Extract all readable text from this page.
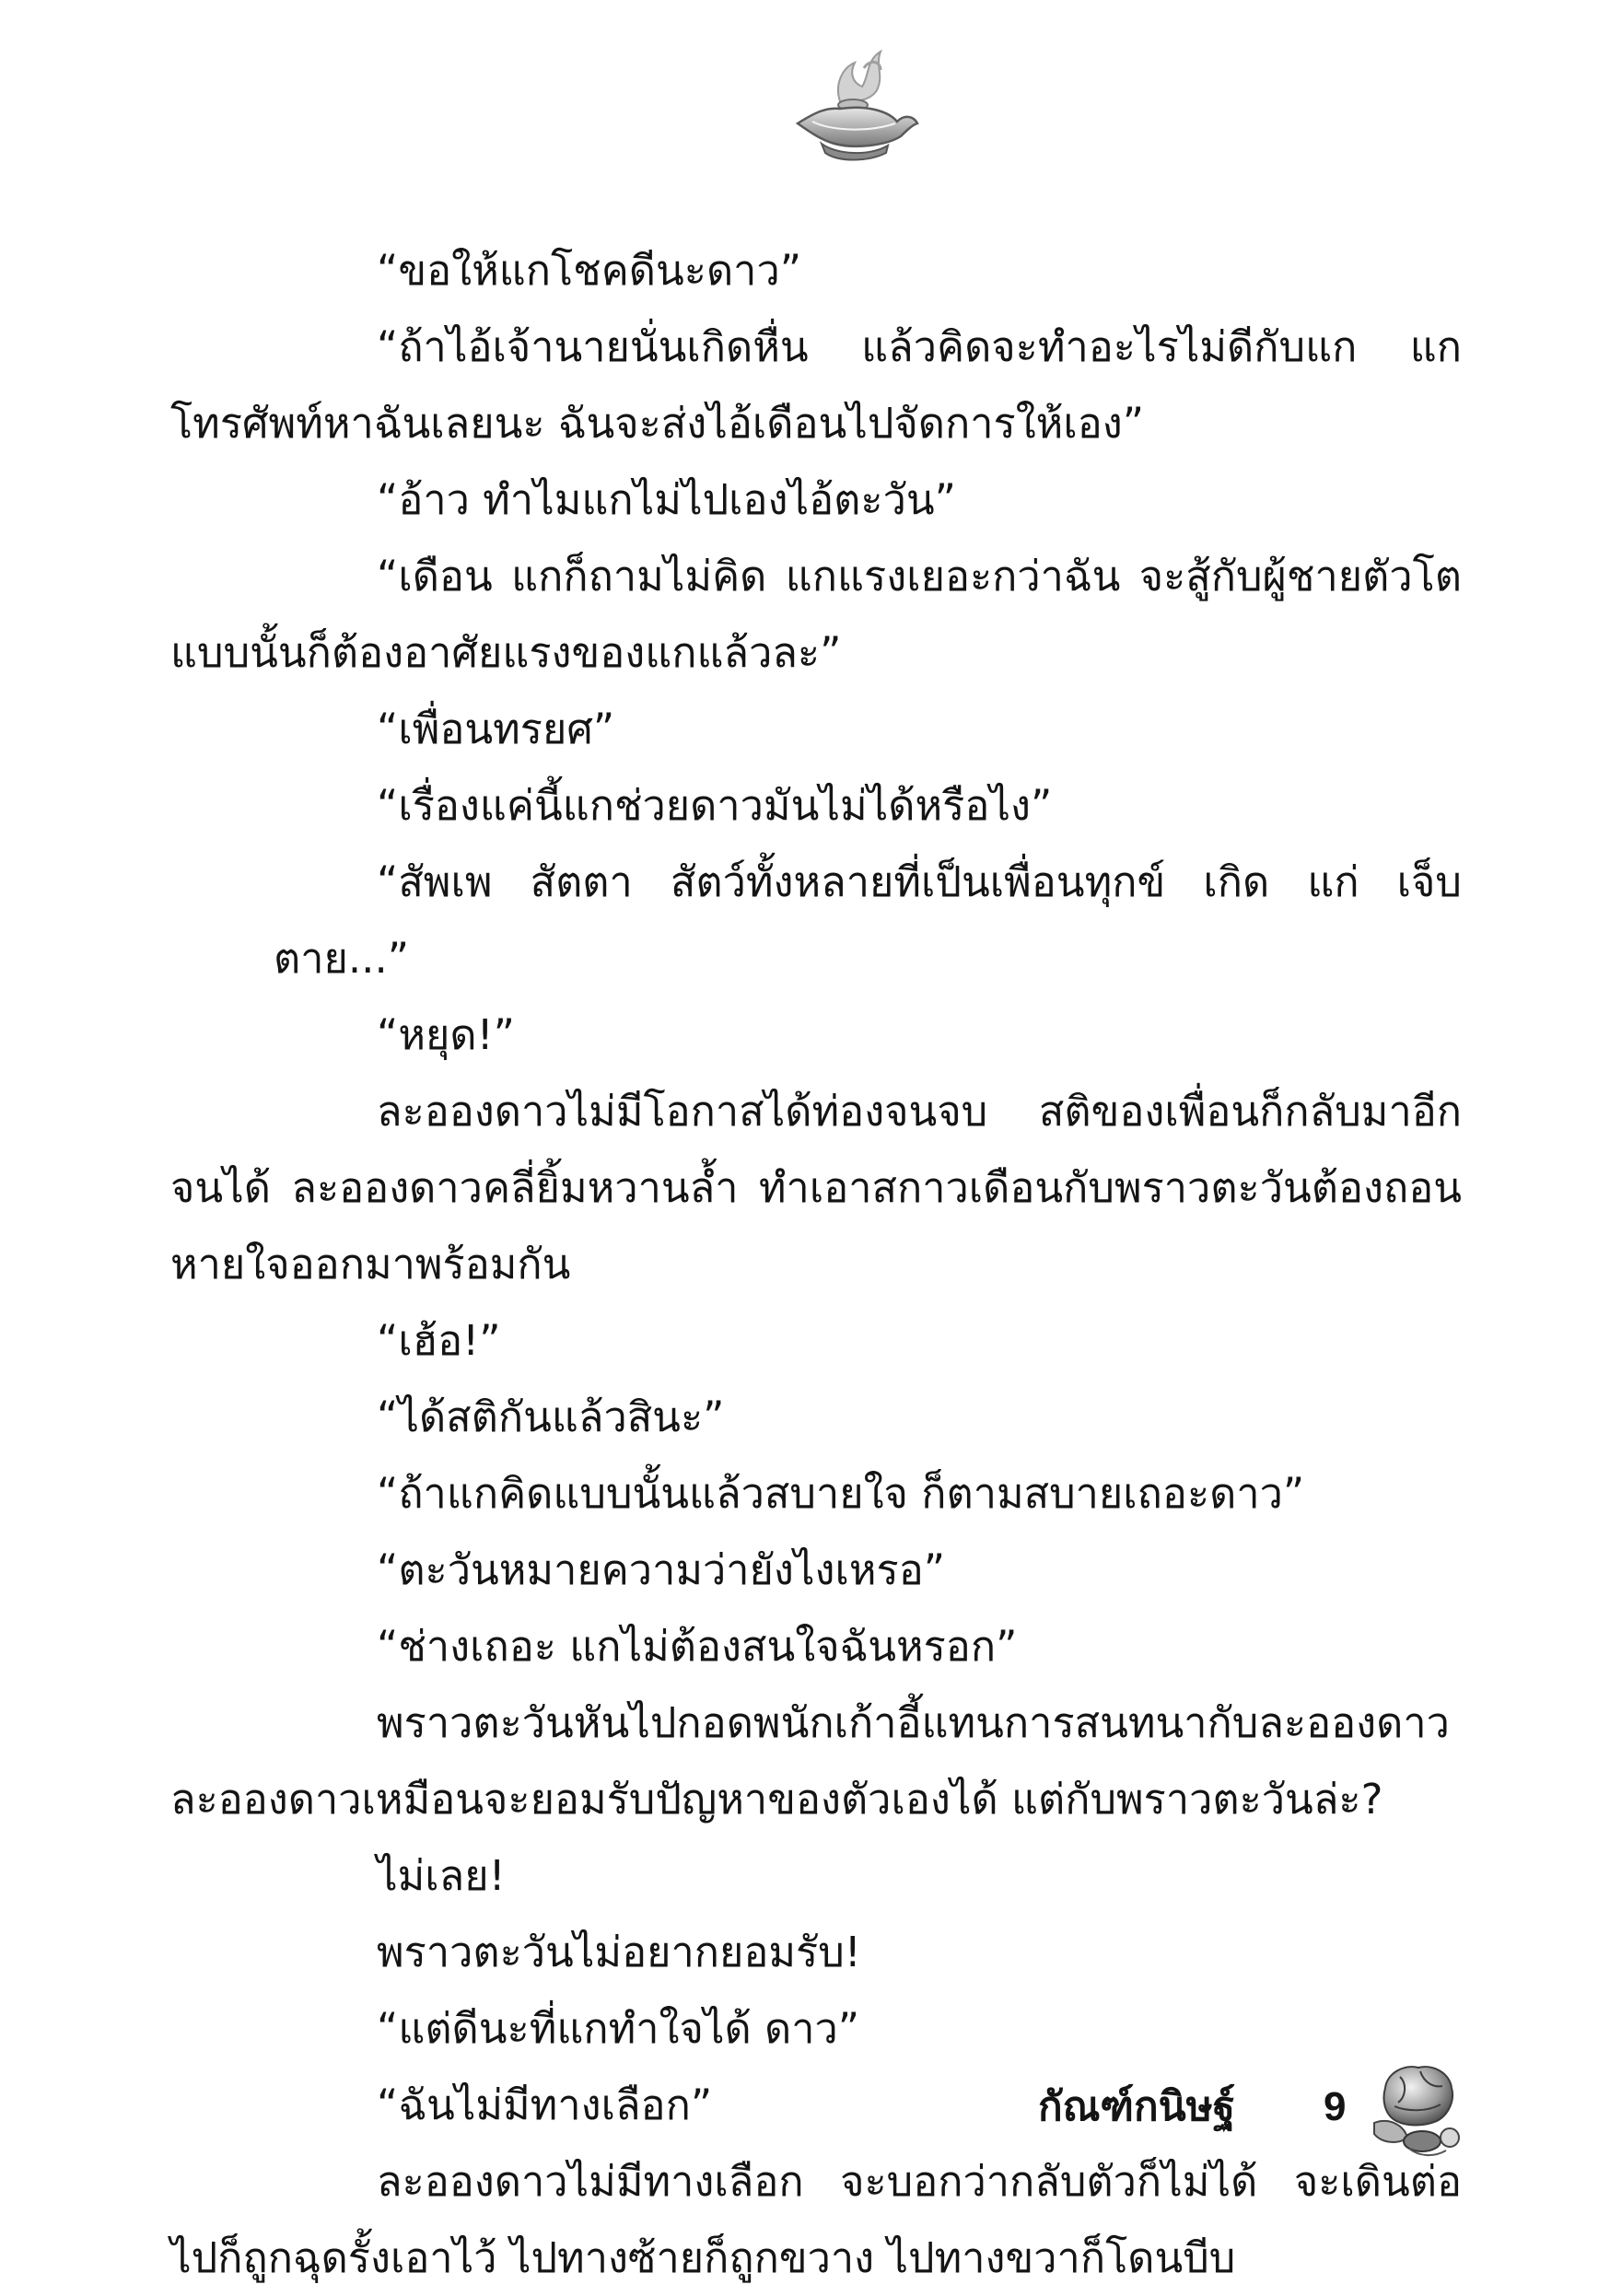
“ขอให้แกโชคดีนะดาว”

“ถ้าไอ้เจ้านายนั่นเกิดหื่น แล้วคิดจะทำอะไรไม่ดีกับแก แกโทรศัพท์หาฉันเลยนะ ฉันจะส่งไอ้เดือนไปจัดการให้เอง”

“อ้าว ทำไมแกไม่ไปเองไอ้ตะวัน”

“เดือน แกก็ถามไม่คิด แกแรงเยอะกว่าฉัน จะสู้กับผู้ชายตัวโตแบบนั้นก็ต้องอาศัยแรงของแกแล้วละ”

“เพื่อนทรยศ”

“เรื่องแค่นี้แกช่วยดาวมันไม่ได้หรือไง”

“สัพเพ สัตตา สัตว์ทั้งหลายที่เป็นเพื่อนทุกข์ เกิด แก่ เจ็บ ตาย...”

“หยุด!”

ละอองดาวไม่มีโอกาสได้ท่องจนจบ สติของเพื่อนก็กลับมาอีกจนได้ ละอองดาวคลี่ยิ้มหวานล้ำ ทำเอาสกาวเดือนกับพราวตะวันต้องถอนหายใจออกมาพร้อมกัน

“เฮ้อ!”

“ได้สติกันแล้วสินะ”

“ถ้าแกคิดแบบนั้นแล้วสบายใจ ก็ตามสบายเถอะดาว”

“ตะวันหมายความว่ายังไงเหรอ”

“ช่างเถอะ แกไม่ต้องสนใจฉันหรอก”

พราวตะวันหันไปกอดพนักเก้าอี้แทนการสนทนากับละอองดาวละอองดาวเหมือนจะยอมรับปัญหาของตัวเองได้ แต่กับพราวตะวันล่ะ?

ไม่เลย!

พราวตะวันไม่อยากยอมรับ!

“แต่ดีนะที่แกทำใจได้ ดาว”

“ฉันไม่มีทางเลือก”

ละอองดาวไม่มีทางเลือก จะบอกว่ากลับตัวก็ไม่ได้ จะเดินต่อไปก็ถูกฉุดรั้งเอาไว้ ไปทางซ้ายก็ถูกขวาง ไปทางขวาก็โดนบีบ

กัณฑ์กนิษฐ์ 9
